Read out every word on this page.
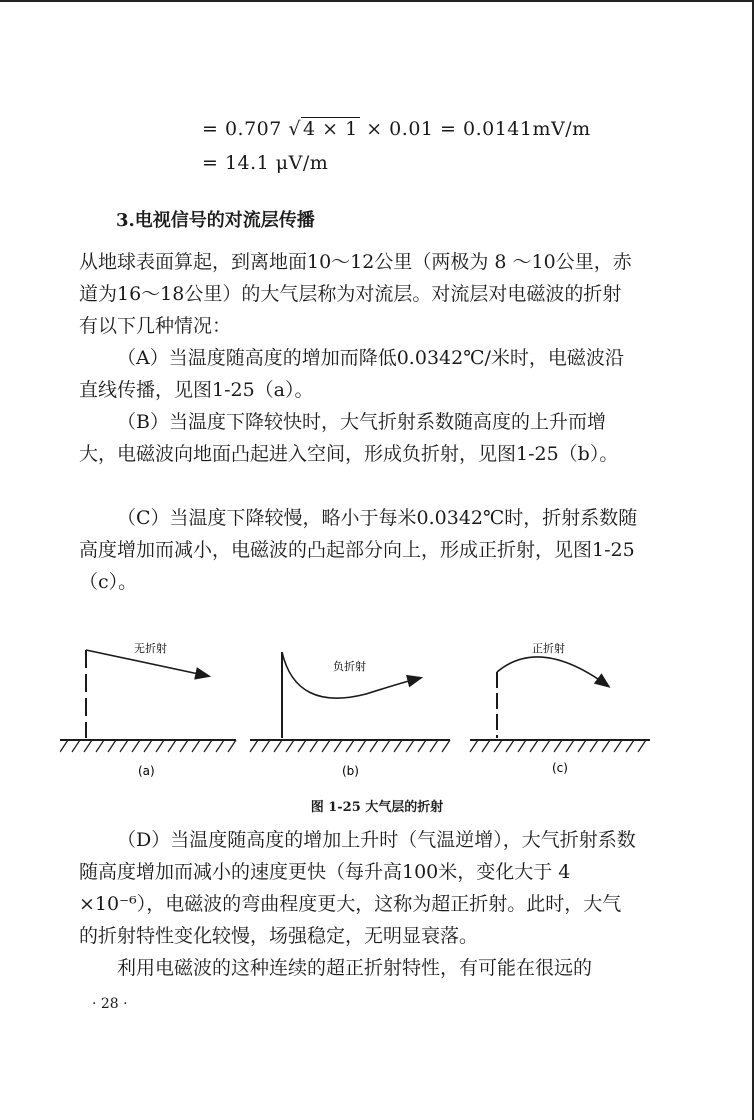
= 0.707 √ 4 × 1 × 0.01 = 0.0141mV/m
= 14.1 μV/m
3.电视信号的对流层传播

从地球表面算起，到离地面10～12公里（两极为 8 ～10公里，赤道为16～18公里）的大气层称为对流层。对流层对电磁波的折射有以下几种情况：

（A）当温度随高度的增加而降低0.0342℃/米时，电磁波沿直线传播，见图1-25（a）。

（B）当温度下降较快时，大气折射系数随高度的上升而增大，电磁波向地面凸起进入空间，形成负折射，见图1-25（b）。

（C）当温度下降较慢，略小于每米0.0342℃时，折射系数随高度增加而减小，电磁波的凸起部分向上，形成正折射，见图1-25（c）。

无折射
(a)
负折射
(b)
正折射
(c)
图 1-25 大气层的折射

（D）当温度随高度的增加上升时（气温逆增），大气折射系数随高度增加而减小的速度更快（每升高100米，变化大于 4 ×10⁻⁶），电磁波的弯曲程度更大，这称为超正折射。此时，大气的折射特性变化较慢，场强稳定，无明显衰落。

利用电磁波的这种连续的超正折射特性，有可能在很远的

· 28 ·
